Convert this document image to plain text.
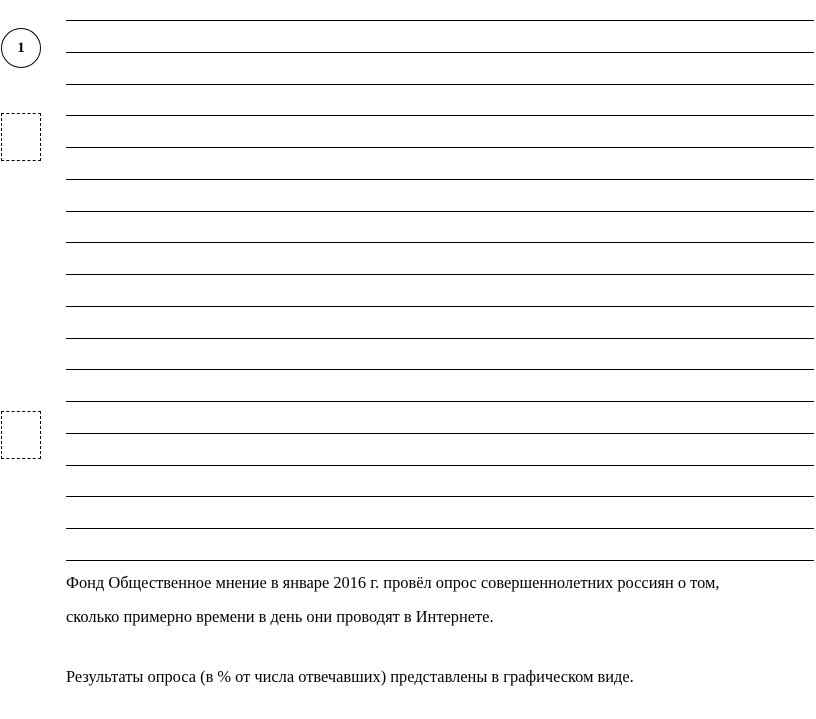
1
Фонд Общественное мнение в январе 2016 г. провёл опрос совершеннолетних россиян о том,
сколько примерно времени в день они проводят в Интернете.
Результаты опроса (в % от числа отвечавших) представлены в графическом виде.
